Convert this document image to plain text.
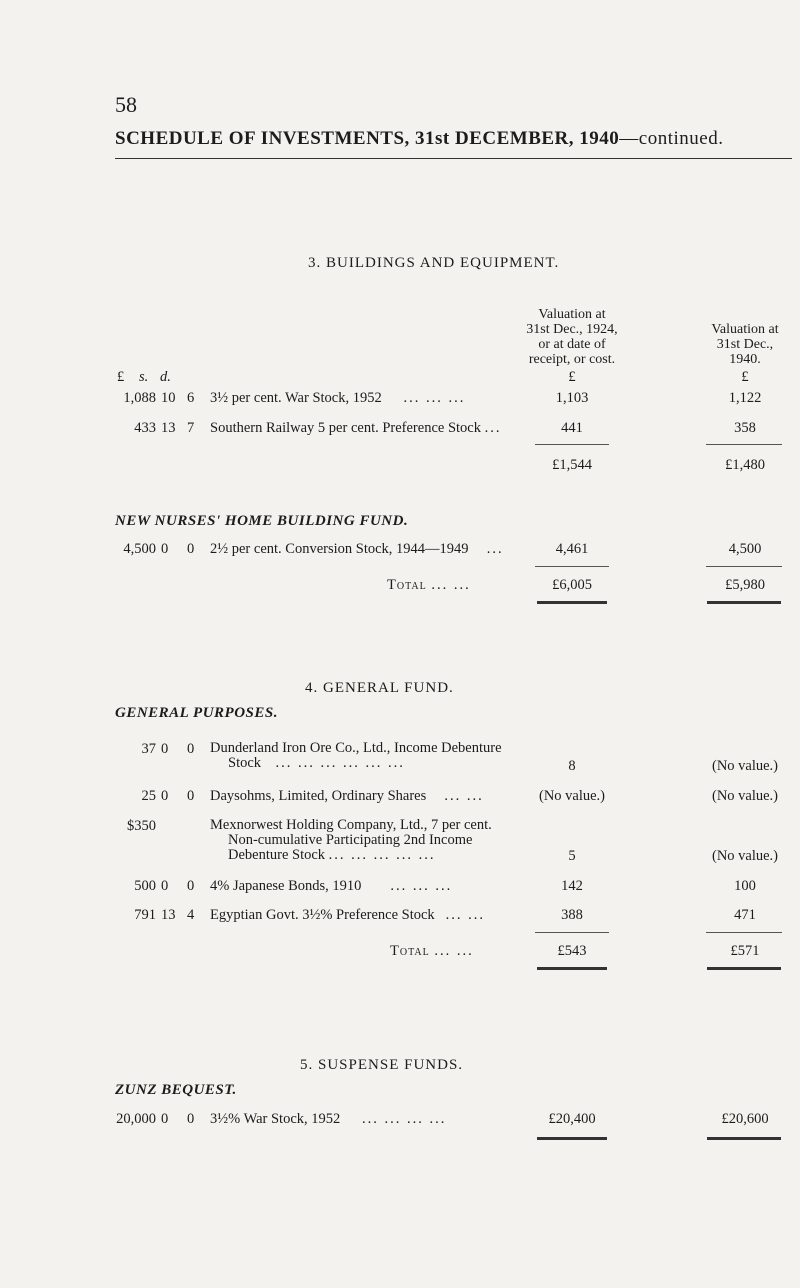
58
SCHEDULE OF INVESTMENTS, 31st DECEMBER, 1940—continued.
3. BUILDINGS AND EQUIPMENT.
Valuation at
31st Dec., 1924,
or at date of
receipt, or cost.
Valuation at
31st Dec.,
1940.
£ s. d.	£	£
1,088 10 6 3½ per cent. War Stock, 1952 ... ... ...	1,103	1,122
433 13 7 Southern Railway 5 per cent. Preference Stock ...	441	358
£1,544	£1,480
NEW NURSES' HOME BUILDING FUND.
4,500 0 0 2½ per cent. Conversion Stock, 1944—1949 ...	4,461	4,500
Total ... ...	£6,005	£5,980
4. GENERAL FUND.
GENERAL PURPOSES.
37 0 0 Dunderland Iron Ore Co., Ltd., Income Debenture
Stock ... ... ... ... ... ...	8	(No value.)
25 0 0 Daysohms, Limited, Ordinary Shares ... ...	(No value.)	(No value.)
$350	Mexnorwest Holding Company, Ltd., 7 per cent.
Non-cumulative Participating 2nd Income
Debenture Stock ... ... ... ... ...	5	(No value.)
500 0 0 4% Japanese Bonds, 1910 ... ... ...	142	100
791 13 4 Egyptian Govt. 3½% Preference Stock ... ...	388	471
Total ... ...	£543	£571
5. SUSPENSE FUNDS.
ZUNZ BEQUEST.
20,000 0 0 3½% War Stock, 1952 ... ... ... ...	£20,400	£20,600
